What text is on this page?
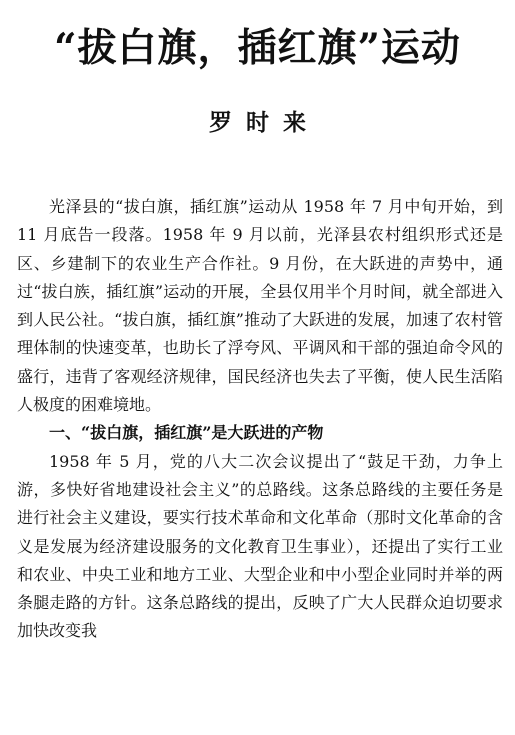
“拔白旗，插红旗”运动
罗时来

光泽县的“拔白旗，插红旗”运动从 1958 年 7 月中旬开始，到 11 月底告一段落。1958 年 9 月以前，光泽县农村组织形式还是区、乡建制下的农业生产合作社。9 月份，在大跃进的声势中，通过“拔白族，插红旗”运动的开展，全县仅用半个月时间，就全部进入到人民公社。“拔白旗，插红旗”推动了大跃进的发展，加速了农村管理体制的快速变革，也助长了浮夸风、平调风和干部的强迫命令风的盛行，违背了客观经济规律，国民经济也失去了平衡，使人民生活陷人极度的困难境地。

一、“拔白旗，插红旗”是大跃进的产物

1958 年 5 月，党的八大二次会议提出了“鼓足干劲，力争上游，多快好省地建设社会主义”的总路线。这条总路线的主要任务是进行社会主义建设，要实行技术革命和文化革命（那时文化革命的含义是发展为经济建设服务的文化教育卫生事业），还提出了实行工业和农业、中央工业和地方工业、大型企业和中小型企业同时并举的两条腿走路的方针。这条总路线的提出，反映了广大人民群众迫切要求加快改变我
